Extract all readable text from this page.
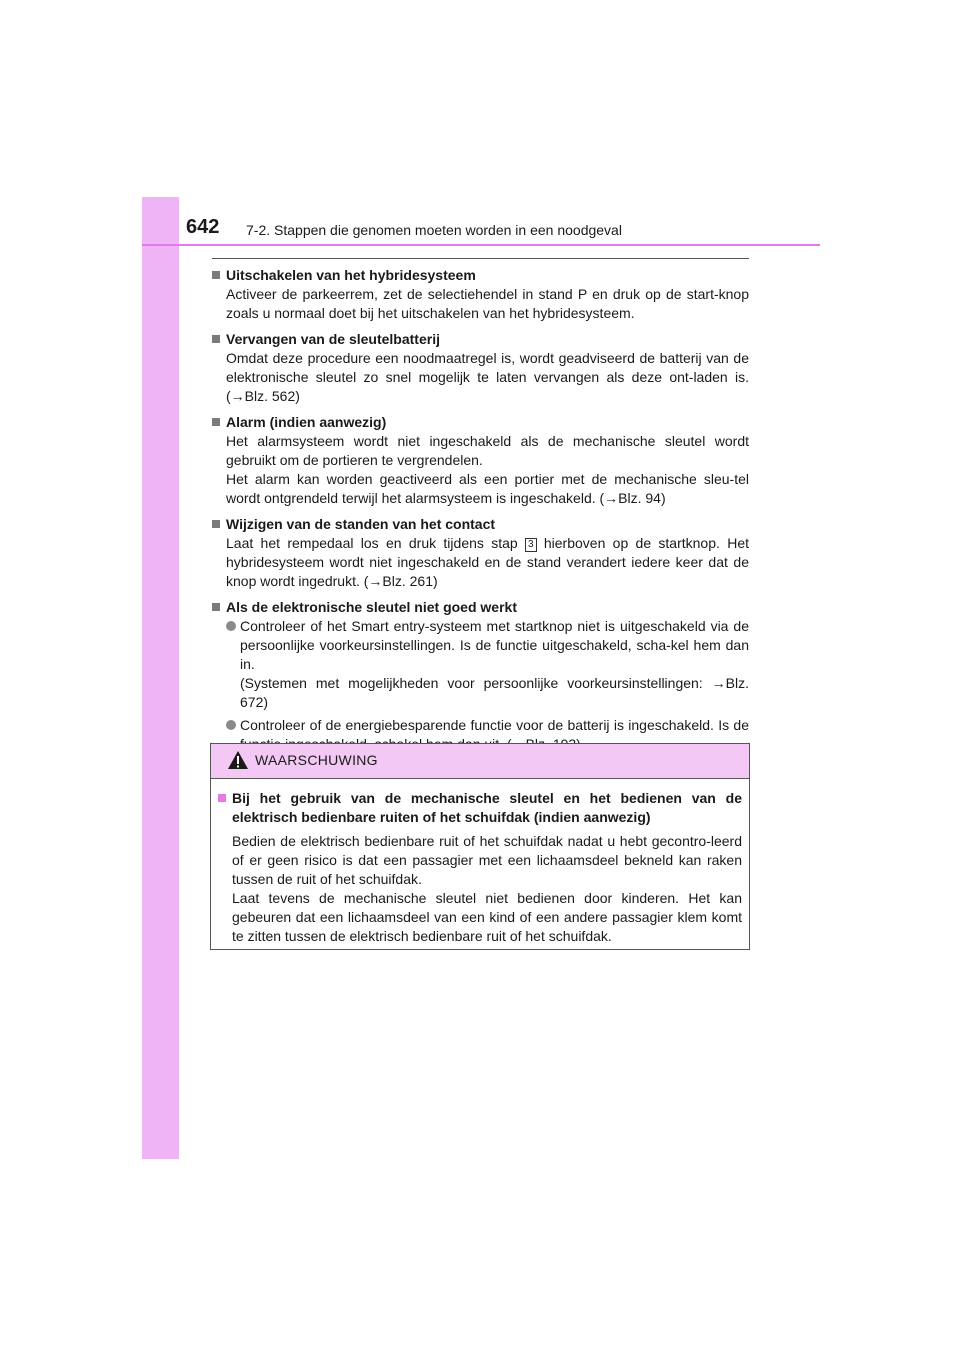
642 7-2. Stappen die genomen moeten worden in een noodgeval
Uitschakelen van het hybridesysteem

Activeer de parkeerrem, zet de selectiehendel in stand P en druk op de start-knop zoals u normaal doet bij het uitschakelen van het hybridesysteem.

Vervangen van de sleutelbatterij

Omdat deze procedure een noodmaatregel is, wordt geadviseerd de batterij van de elektronische sleutel zo snel mogelijk te laten vervangen als deze ont-laden is. (→Blz. 562)

Alarm (indien aanwezig)

Het alarmsysteem wordt niet ingeschakeld als de mechanische sleutel wordt gebruikt om de portieren te vergrendelen.

Het alarm kan worden geactiveerd als een portier met de mechanische sleu-tel wordt ontgrendeld terwijl het alarmsysteem is ingeschakeld. (→Blz. 94)

Wijzigen van de standen van het contact

Laat het rempedaal los en druk tijdens stap 3 hierboven op de startknop. Het hybridesysteem wordt niet ingeschakeld en de stand verandert iedere keer dat de knop wordt ingedrukt. (→Blz. 261)

Als de elektronische sleutel niet goed werkt

Controleer of het Smart entry-systeem met startknop niet is uitgeschakeld via de persoonlijke voorkeursinstellingen. Is de functie uitgeschakeld, scha-kel hem dan in.

(Systemen met mogelijkheden voor persoonlijke voorkeursinstellingen: →Blz. 672)

Controleer of de energiebesparende functie voor de batterij is ingeschakeld. Is de

WAARSCHUWING
Bij het gebruik van de mechanische sleutel en het bedienen van de elektrisch bedienbare ruiten of het schuifdak (indien aanwezig)

Bedien de elektrisch bedienbare ruit of het schuifdak nadat u hebt gecontro-leerd of er geen risico is dat een passagier met een lichaamsdeel bekneld kan raken tussen de ruit of het schuifdak.

Laat tevens de mechanische sleutel niet bedienen door kinderen. Het kan gebeuren dat een lichaamsdeel van een kind of een andere passagier klem komt te zitten tussen de elektrisch bedienbare ruit of het schuifdak.
